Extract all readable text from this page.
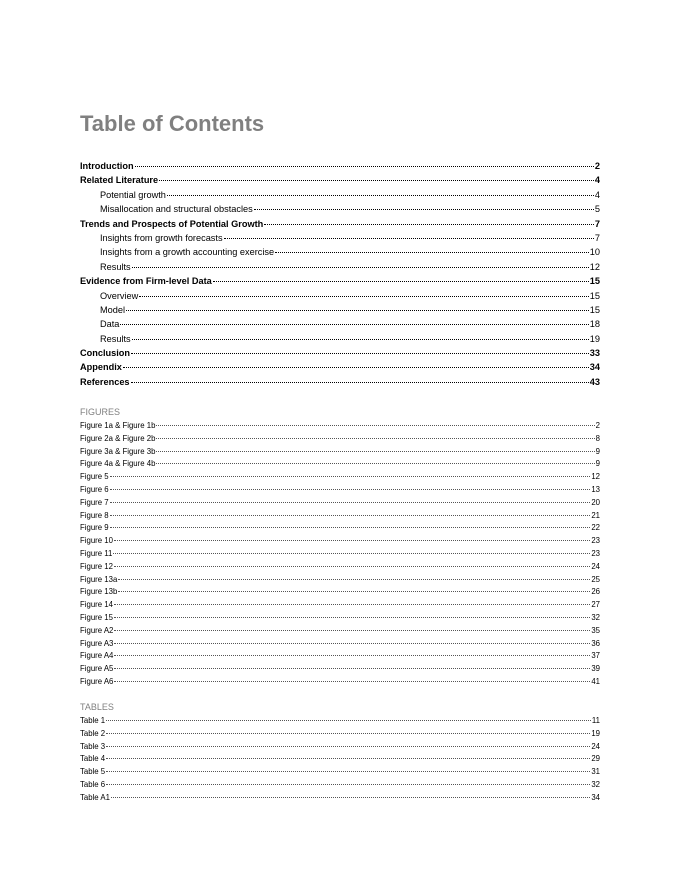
Table of Contents
Introduction	2
Related Literature	4
Potential growth	4
Misallocation and structural obstacles	5
Trends and Prospects of Potential Growth	7
Insights from growth forecasts	7
Insights from a growth accounting exercise	10
Results	12
Evidence from Firm-level Data	15
Overview	15
Model	15
Data	18
Results	19
Conclusion	33
Appendix	34
References	43
FIGURES
Figure 1a & Figure 1b	2
Figure 2a & Figure 2b	8
Figure 3a & Figure 3b	9
Figure 4a & Figure 4b	9
Figure 5	12
Figure 6	13
Figure 7	20
Figure 8	21
Figure 9	22
Figure 10	23
Figure 11	23
Figure 12	24
Figure 13a	25
Figure 13b	26
Figure 14	27
Figure 15	32
Figure A2	35
Figure A3	36
Figure A4	37
Figure A5	39
Figure A6	41
TABLES
Table 1	11
Table 2	19
Table 3	24
Table 4	29
Table 5	31
Table 6	32
Table A1	34
